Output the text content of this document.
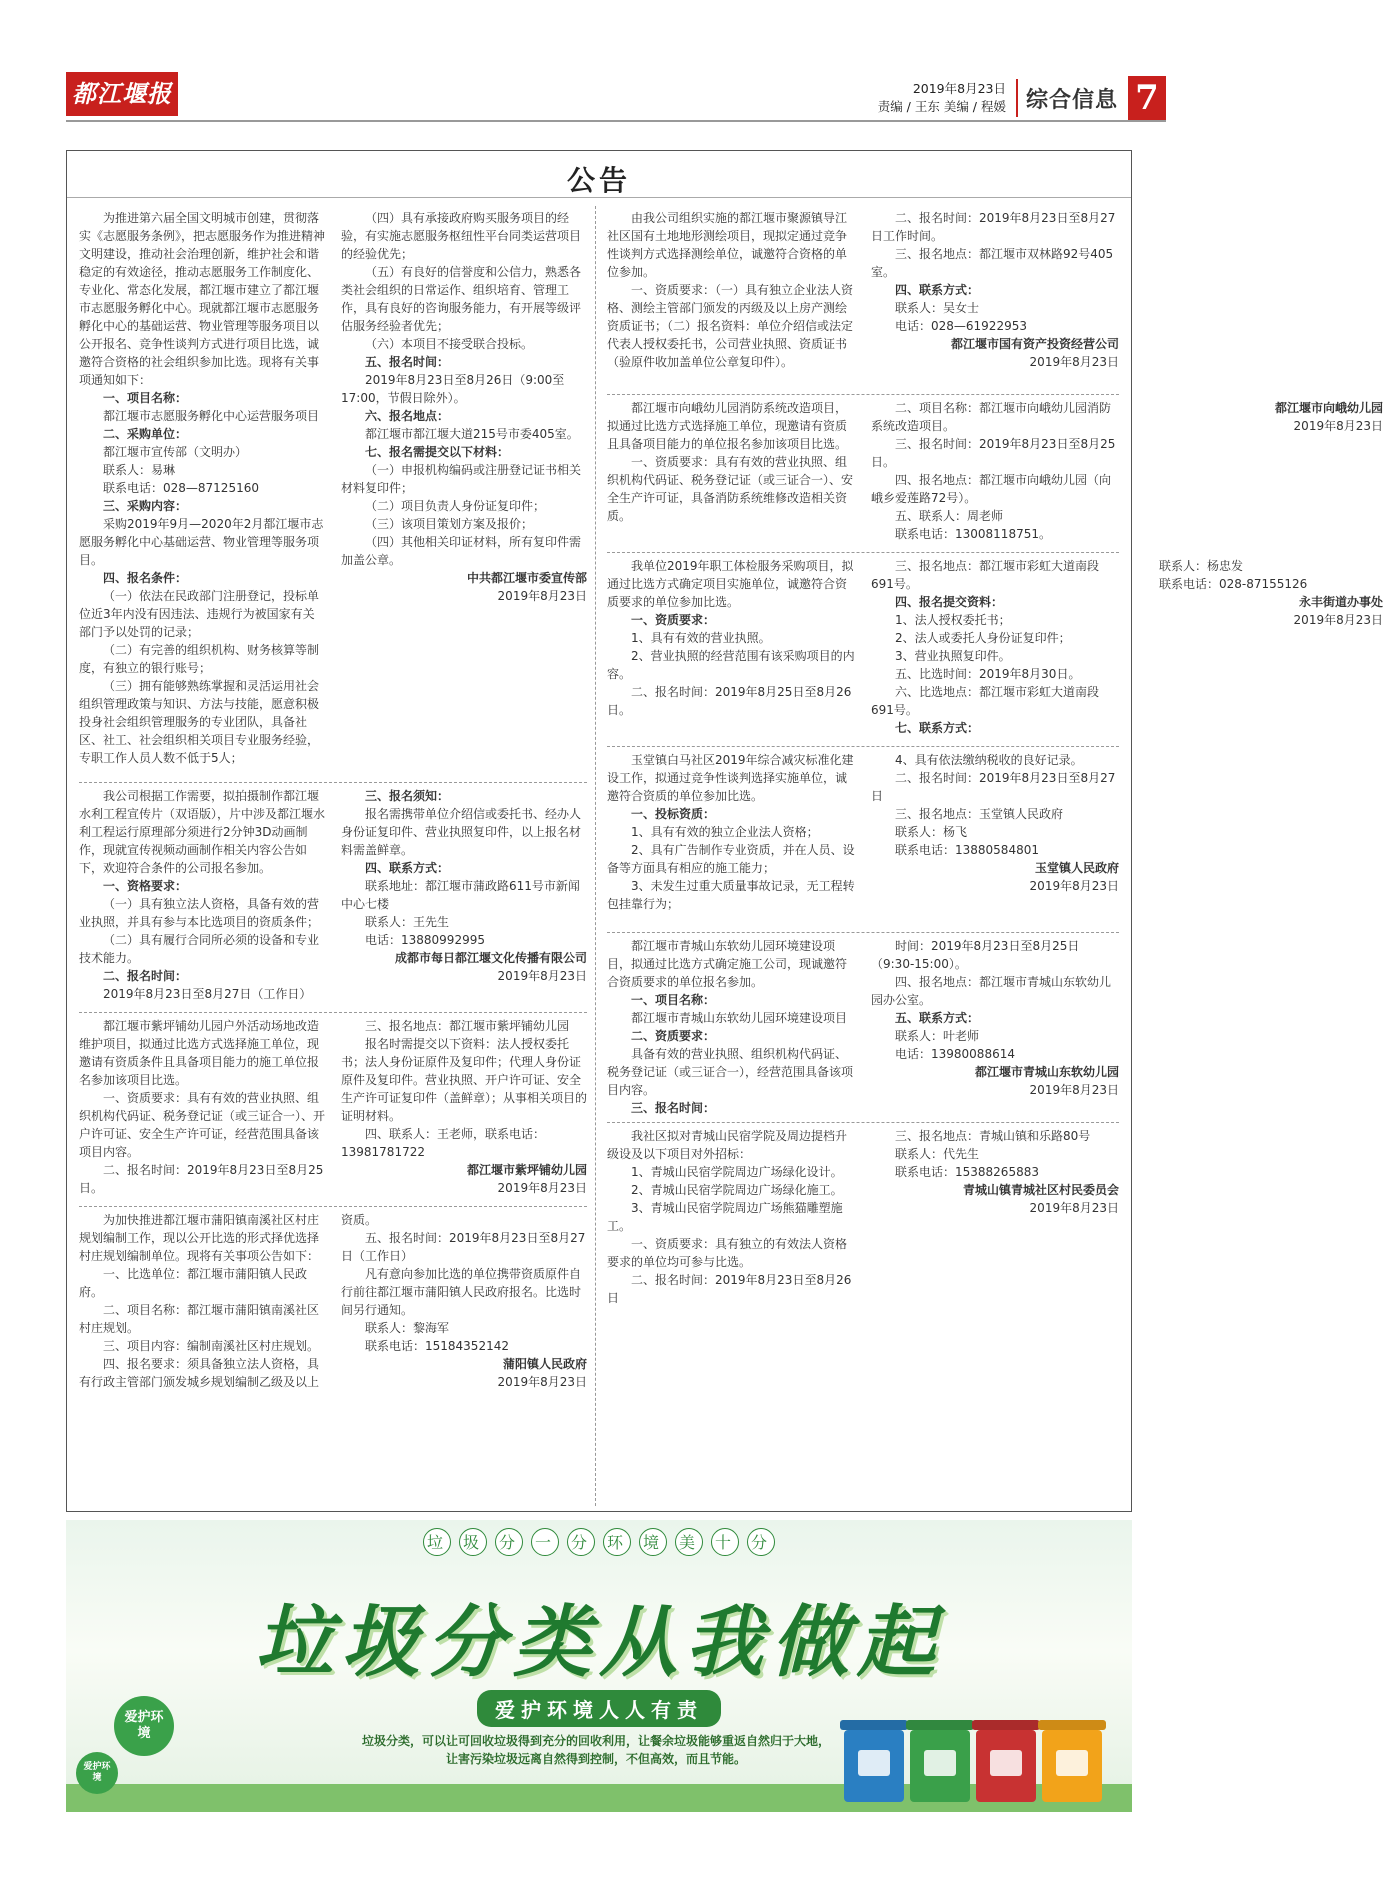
都江堰报	2019年8月23日
责编 / 王东 美编 / 程媛 综合信息 7
公告

为推进第六届全国文明城市创建，贯彻落实《志愿服务条例》，把志愿服务作为推进精神文明建设，推动社会治理创新，维护社会和谐稳定的有效途径，推动志愿服务工作制度化、专业化、常态化发展，都江堰市建立了都江堰市志愿服务孵化中心。现就都江堰市志愿服务孵化中心的基础运营、物业管理等服务项目以公开报名、竞争性谈判方式进行项目比选，诚邀符合资格的社会组织参加比选。现将有关事项通知如下：

一、项目名称：

都江堰市志愿服务孵化中心运营服务项目

二、采购单位：

都江堰市宣传部（文明办）

联系人：易琳

联系电话：028—87125160

三、采购内容：

采购2019年9月—2020年2月都江堰市志愿服务孵化中心基础运营、物业管理等服务项目。

四、报名条件：

（一）依法在民政部门注册登记，投标单位近3年内没有因违法、违规行为被国家有关部门予以处罚的记录；

（二）有完善的组织机构、财务核算等制度，有独立的银行账号；

（三）拥有能够熟练掌握和灵活运用社会组织管理政策与知识、方法与技能，愿意积极投身社会组织管理服务的专业团队，具备社区、社工、社会组织相关项目专业服务经验，专职工作人员人数不低于5人；

（四）具有承接政府购买服务项目的经验，有实施志愿服务枢纽性平台同类运营项目的经验优先；

（五）有良好的信誉度和公信力，熟悉各类社会组织的日常运作、组织培育、管理工作，具有良好的咨询服务能力，有开展等级评估服务经验者优先；

（六）本项目不接受联合投标。

五、报名时间：

2019年8月23日至8月26日（9:00至17:00，节假日除外）。

六、报名地点：

都江堰市都江堰大道215号市委405室。

七、报名需提交以下材料：

（一）申报机构编码或注册登记证书相关材料复印件；

（二）项目负责人身份证复印件；

（三）该项目策划方案及报价；

（四）其他相关印证材料，所有复印件需加盖公章。

中共都江堰市委宣传部

2019年8月23日

我公司根据工作需要，拟拍摄制作都江堰水利工程宣传片（双语版），片中涉及都江堰水利工程运行原理部分须进行2分钟3D动画制作，现就宣传视频动画制作相关内容公告如下，欢迎符合条件的公司报名参加。

一、资格要求：

（一）具有独立法人资格，具备有效的营业执照，并具有参与本比选项目的资质条件；

（二）具有履行合同所必须的设备和专业技术能力。

二、报名时间：

2019年8月23日至8月27日（工作日）

三、报名须知：

报名需携带单位介绍信或委托书、经办人身份证复印件、营业执照复印件，以上报名材料需盖鲜章。

四、联系方式：

联系地址：都江堰市蒲政路611号市新闻中心七楼

联系人：王先生

电话：13880992995

成都市每日都江堰文化传播有限公司

2019年8月23日

都江堰市紫坪铺幼儿园户外活动场地改造维护项目，拟通过比选方式选择施工单位，现邀请有资质条件且具备项目能力的施工单位报名参加该项目比选。

一、资质要求：具有有效的营业执照、组织机构代码证、税务登记证（或三证合一）、开户许可证、安全生产许可证，经营范围具备该项目内容。

二、报名时间：2019年8月23日至8月25日。

三、报名地点：都江堰市紫坪铺幼儿园

报名时需提交以下资料：法人授权委托书；法人身份证原件及复印件；代理人身份证原件及复印件。营业执照、开户许可证、安全生产许可证复印件（盖鲜章）；从事相关项目的证明材料。

四、联系人：王老师，联系电话：13981781722

都江堰市紫坪铺幼儿园

2019年8月23日

为加快推进都江堰市蒲阳镇南溪社区村庄规划编制工作，现以公开比选的形式择优选择村庄规划编制单位。现将有关事项公告如下：

一、比选单位：都江堰市蒲阳镇人民政府。

二、项目名称：都江堰市蒲阳镇南溪社区村庄规划。

三、项目内容：编制南溪社区村庄规划。

四、报名要求：须具备独立法人资格，具有行政主管部门颁发城乡规划编制乙级及以上资质。

五、报名时间：2019年8月23日至8月27日（工作日）

凡有意向参加比选的单位携带资质原件自行前往都江堰市蒲阳镇人民政府报名。比选时间另行通知。

联系人：黎海军

联系电话：15184352142

蒲阳镇人民政府

2019年8月23日

由我公司组织实施的都江堰市聚源镇导江社区国有土地地形测绘项目，现拟定通过竞争性谈判方式选择测绘单位，诚邀符合资格的单位参加。

一、资质要求：（一）具有独立企业法人资格、测绘主管部门颁发的丙级及以上房产测绘资质证书；（二）报名资料：单位介绍信或法定代表人授权委托书，公司营业执照、资质证书（验原件收加盖单位公章复印件）。

二、报名时间：2019年8月23日至8月27日工作时间。

三、报名地点：都江堰市双林路92号405室。

四、联系方式：

联系人：吴女士

电话：028—61922953

都江堰市国有资产投资经营公司

2019年8月23日

都江堰市向峨幼儿园消防系统改造项目，拟通过比选方式选择施工单位，现邀请有资质且具备项目能力的单位报名参加该项目比选。

一、资质要求：具有有效的营业执照、组织机构代码证、税务登记证（或三证合一）、安全生产许可证，具备消防系统维修改造相关资质。

二、项目名称：都江堰市向峨幼儿园消防系统改造项目。

三、报名时间：2019年8月23日至8月25日。

四、报名地点：都江堰市向峨幼儿园（向峨乡爱莲路72号）。

五、联系人：周老师

联系电话：13008118751。

都江堰市向峨幼儿园

2019年8月23日

我单位2019年职工体检服务采购项目，拟通过比选方式确定项目实施单位，诚邀符合资质要求的单位参加比选。

一、资质要求：

1、具有有效的营业执照。

2、营业执照的经营范围有该采购项目的内容。

二、报名时间：2019年8月25日至8月26日。

三、报名地点：都江堰市彩虹大道南段691号。

四、报名提交资料：

1、法人授权委托书；

2、法人或委托人身份证复印件；

3、营业执照复印件。

五、比选时间：2019年8月30日。

六、比选地点：都江堰市彩虹大道南段691号。

七、联系方式：

联系人：杨忠发

联系电话：028-87155126

永丰街道办事处

2019年8月23日

玉堂镇白马社区2019年综合减灾标准化建设工作，拟通过竞争性谈判选择实施单位，诚邀符合资质的单位参加比选。

一、投标资质：

1、具有有效的独立企业法人资格；

2、具有广告制作专业资质，并在人员、设备等方面具有相应的施工能力；

3、未发生过重大质量事故记录，无工程转包挂靠行为；

4、具有依法缴纳税收的良好记录。

二、报名时间：2019年8月23日至8月27日

三、报名地点：玉堂镇人民政府

联系人：杨飞

联系电话：13880584801

玉堂镇人民政府

2019年8月23日

都江堰市青城山东软幼儿园环境建设项目，拟通过比选方式确定施工公司，现诚邀符合资质要求的单位报名参加。

一、项目名称：

都江堰市青城山东软幼儿园环境建设项目

二、资质要求：

具备有效的营业执照、组织机构代码证、税务登记证（或三证合一），经营范围具备该项目内容。

三、报名时间：

时间：2019年8月23日至8月25日（9:30-15:00）。

四、报名地点：都江堰市青城山东软幼儿园办公室。

五、联系方式：

联系人：叶老师

电话：13980088614

都江堰市青城山东软幼儿园

2019年8月23日

我社区拟对青城山民宿学院及周边提档升级设及以下项目对外招标：

1、青城山民宿学院周边广场绿化设计。

2、青城山民宿学院周边广场绿化施工。

3、青城山民宿学院周边广场熊猫雕塑施工。

一、资质要求：具有独立的有效法人资格要求的单位均可参与比选。

二、报名时间：2019年8月23日至8月26日

三、报名地点：青城山镇和乐路80号

联系人：代先生

联系电话：15388265883

青城山镇青城社区村民委员会

2019年8月23日

垃 圾 分 一 分 环 境 美 十 分
垃圾分类从我做起
爱护环境人人有责
垃圾分类，可以让可回收垃圾得到充分的回收利用，让餐余垃圾能够重返自然归于大地，
让害污染垃圾远离自然得到控制，不但高效，而且节能。
爱护环境
爱护环境
